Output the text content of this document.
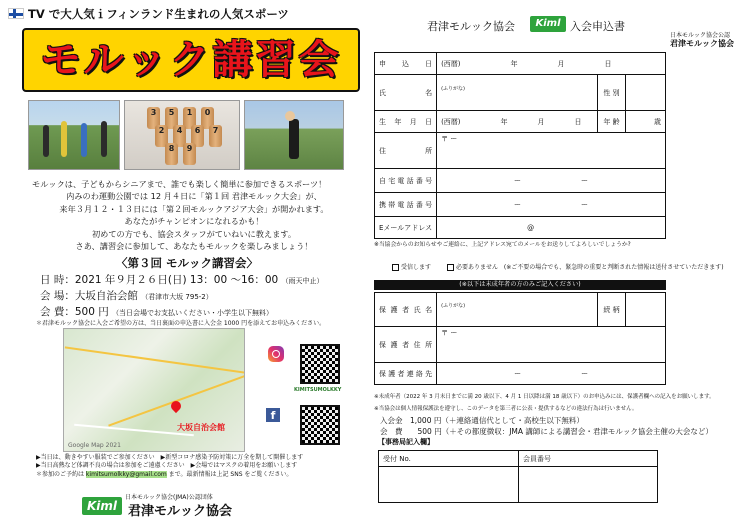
TV で大人気ｉフィンランド生まれの人気スポーツ
モルック講習会
3	5	1	0
2	4	6
8	9
7

モルックは、子どもからシニアまで、誰でも楽しく簡単に参加できるスポーツ！

内みのわ運動公園では 12 月４日に「第１回 君津モルック大会」が、

来年３月１２・１３日には「第２回モルックアジア大会」が開かれます。

あなたがチャンピオンになれるかも！

初めての方でも、協会スタッフがていねいに教えます。

さあ、講習会に参加して、あなたもモルックを楽しみましょう！

〈第３回 モルック講習会〉
日 時：2021 年９月２６日(日) 13：00 ～16：00 （雨天中止）
会 場：大坂自治会館 （君津市大坂 795-2）
会 費：500 円 （当日会場でお支払いください・小学生以下無料）
＊君津モルック協会に入会ご希望の方は、当日裏面の申込書に入会金 1000 円を添えてお申込みください。
大坂自治会館
Google Map 2021
f
KIMITSUMOLKKY
▶当日は、動きやすい服装でご参加ください　 ▶新型コロナ感染予防対策に万全を期して開催します
▶当日高熱など体調不良の場合は参加をご遠慮ください　 ▶会場ではマスクの着用をお願いします
＊参加のご予約は kimitsumolkky@gmail.com まで。最新情報は上記 SNS をご覧ください。
日本モルック協会(JMA)公認団体
Kiml 君津モルック協会
君津モルック協会	Kiml 入会申込書
日本モルック協会公認
君津モルック協会
申 込 日	(西暦) 年 月 日		
氏 名	(ふりがな)	性 別	
生 年 月 日	(西暦) 年 月 日	年 齢	歳
住 所	〒 ー		
自宅電話番号	ー ー		
携帯電話番号	ー ー		
Eメールアドレス	@		
※当協会からのお知らせやご連絡に、上記アドレス宛てのメールをお送りしてよろしいでしょうか?
受信します	必要ありません (※ご不要の場合でも、緊急時の重要と判断された情報は送付させていただきます)
(※以下は未成年者の方のみご記入ください)
保 護 者 氏 名	(ふりがな)	続 柄	
保 護 者 住 所	〒 ー		
保 護 者 連 絡 先	ー ー		
※未成年者（2022 年 3 月末日までに満 20 歳以下、4 月 1 日以降は満 18 歳以下）のお申込みには、保護者欄への記入をお願いします。
※当協会は個人情報保護法を遵守し、このデータを第三者に公表・提供するなどの違法行為は行いません。
入会金　1,000 円（＋連絡通信代として・高校生以下無料）
会　費　　500 円（＋その都度徴収：JMA 講師による講習会・君津モルック協会主催の大会など）
【事務局記入欄】
受付 No.	会員番号
